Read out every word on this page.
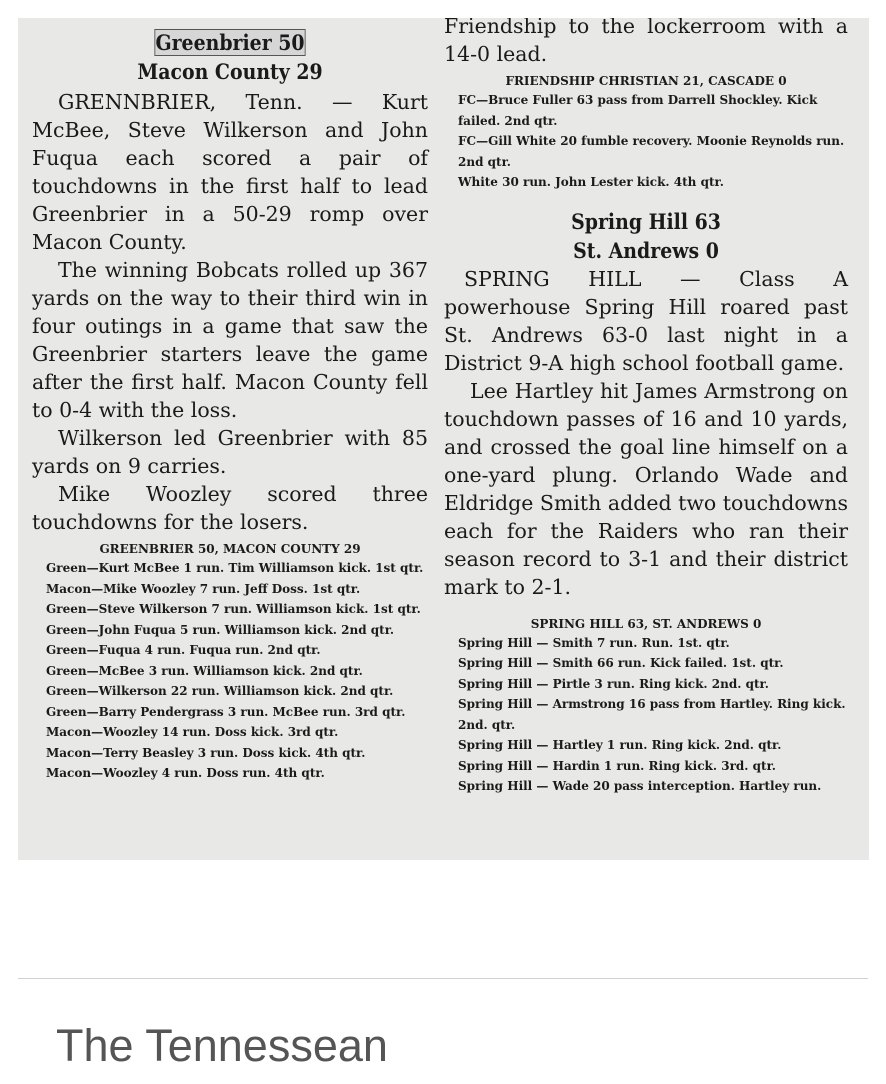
Greenbrier 50
Macon County 29

GRENNBRIER, Tenn. — Kurt McBee, Steve Wilkerson and John Fuqua each scored a pair of touchdowns in the first half to lead Greenbrier in a 50-29 romp over Macon County.

The winning Bobcats rolled up 367 yards on the way to their third win in four outings in a game that saw the Greenbrier starters leave the game after the first half. Macon County fell to 0-4 with the loss.

Wilkerson led Greenbrier with 85 yards on 9 carries.

Mike Woozley scored three touchdowns for the losers.

GREENBRIER 50, MACON COUNTY 29

Green—Kurt McBee 1 run. Tim Williamson kick. 1st qtr.

Macon—Mike Woozley 7 run. Jeff Doss. 1st qtr.

Green—Steve Wilkerson 7 run. Williamson kick. 1st qtr.

Green—John Fuqua 5 run. Williamson kick. 2nd qtr.

Green—Fuqua 4 run. Fuqua run. 2nd qtr.

Green—McBee 3 run. Williamson kick. 2nd qtr.

Green—Wilkerson 22 run. Williamson kick. 2nd qtr.

Green—Barry Pendergrass 3 run. McBee run. 3rd qtr.

Macon—Woozley 14 run. Doss kick. 3rd qtr.

Macon—Terry Beasley 3 run. Doss kick. 4th qtr.

Macon—Woozley 4 run. Doss run. 4th qtr.

Friendship to the lockerroom with a 14-0 lead.

FRIENDSHIP CHRISTIAN 21, CASCADE 0

FC—Bruce Fuller 63 pass from Darrell Shockley. Kick failed. 2nd qtr.

FC—Gill White 20 fumble recovery. Moonie Reynolds run. 2nd qtr.

White 30 run. John Lester kick. 4th qtr.

Spring Hill 63
St. Andrews 0

SPRING HILL — Class A powerhouse Spring Hill roared past St. Andrews 63-0 last night in a District 9-A high school football game.

Lee Hartley hit James Armstrong on touchdown passes of 16 and 10 yards, and crossed the goal line himself on a one-yard plung. Orlando Wade and Eldridge Smith added two touchdowns each for the Raiders who ran their season record to 3-1 and their district mark to 2-1.

SPRING HILL 63, ST. ANDREWS 0

Spring Hill — Smith 7 run. Run. 1st. qtr.

Spring Hill — Smith 66 run. Kick failed. 1st. qtr.

Spring Hill — Pirtle 3 run. Ring kick. 2nd. qtr.

Spring Hill — Armstrong 16 pass from Hartley. Ring kick. 2nd. qtr.

Spring Hill — Hartley 1 run. Ring kick. 2nd. qtr.

Spring Hill — Hardin 1 run. Ring kick. 3rd. qtr.

Spring Hill — Wade 20 pass interception. Hartley run.

The Tennessean
